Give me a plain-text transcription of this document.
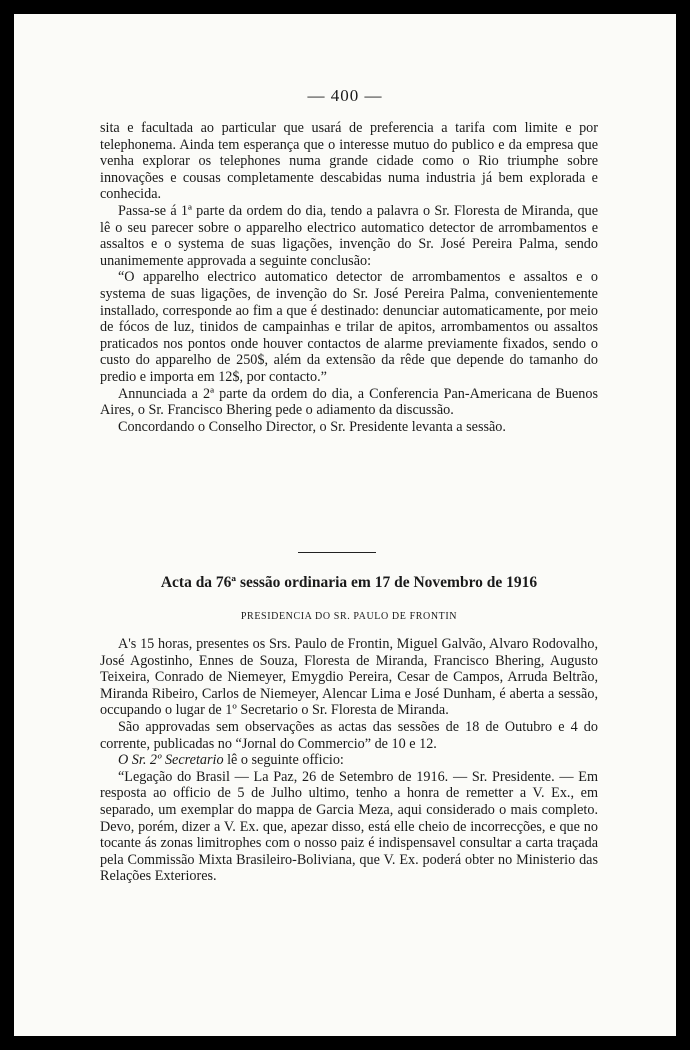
— 400 —

sita e facultada ao particular que usará de preferencia a tarifa com limite e por telephonema. Ainda tem esperança que o interesse mutuo do publico e da empresa que venha explorar os telephones numa grande cidade como o Rio triumphe sobre innovações e cousas completamente descabidas numa industria já bem explorada e conhecida.

Passa-se á 1ª parte da ordem do dia, tendo a palavra o Sr. Floresta de Miranda, que lê o seu parecer sobre o apparelho electrico automatico detector de arrombamentos e assaltos e o systema de suas ligações, invenção do Sr. José Pereira Palma, sendo unanimemente approvada a seguinte conclusão:

“O apparelho electrico automatico detector de arrombamentos e assaltos e o systema de suas ligações, de invenção do Sr. José Pereira Palma, convenientemente installado, corresponde ao fim a que é destinado: denunciar automaticamente, por meio de fócos de luz, tinidos de campainhas e trilar de apitos, arrombamentos ou assaltos praticados nos pontos onde houver contactos de alarme previamente fixados, sendo o custo do apparelho de 250$, além da extensão da rêde que depende do tamanho do predio e importa em 12$, por contacto.”

Annunciada a 2ª parte da ordem do dia, a Conferencia Pan-Americana de Buenos Aires, o Sr. Francisco Bhering pede o adiamento da discussão.

Concordando o Conselho Director, o Sr. Presidente levanta a sessão.

Acta da 76ª sessão ordinaria em 17 de Novembro de 1916
PRESIDENCIA DO SR. PAULO DE FRONTIN

A's 15 horas, presentes os Srs. Paulo de Frontin, Miguel Galvão, Alvaro Rodovalho, José Agostinho, Ennes de Souza, Floresta de Miranda, Francisco Bhering, Augusto Teixeira, Conrado de Niemeyer, Emygdio Pereira, Cesar de Campos, Arruda Beltrão, Miranda Ribeiro, Carlos de Niemeyer, Alencar Lima e José Dunham, é aberta a sessão, occupando o lugar de 1º Secretario o Sr. Floresta de Miranda.

São approvadas sem observações as actas das sessões de 18 de Outubro e 4 do corrente, publicadas no “Jornal do Commercio” de 10 e 12.

O Sr. 2º Secretario lê o seguinte officio:

“Legação do Brasil — La Paz, 26 de Setembro de 1916. — Sr. Presidente. — Em resposta ao officio de 5 de Julho ultimo, tenho a honra de remetter a V. Ex., em separado, um exemplar do mappa de Garcia Meza, aqui considerado o mais completo. Devo, porém, dizer a V. Ex. que, apezar disso, está elle cheio de incorrecções, e que no tocante ás zonas limitrophes com o nosso paiz é indispensavel consultar a carta traçada pela Commissão Mixta Brasileiro-Boliviana, que V. Ex. poderá obter no Ministerio das Relações Exteriores.
